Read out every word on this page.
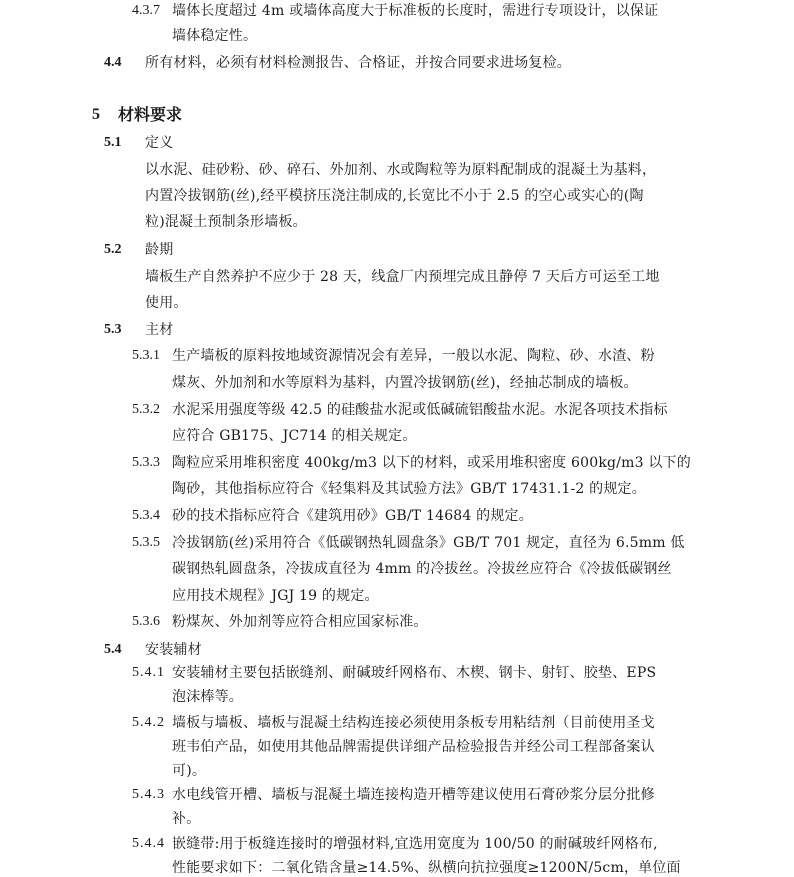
4.3.7 墙体长度超过 4m 或墙体高度大于标准板的长度时，需进行专项设计，以保证
墙体稳定性。
4.4 所有材料，必须有材料检测报告、合格证，并按合同要求进场复检。
5 材料要求
5.1 定义
以水泥、硅砂粉、砂、碎石、外加剂、水或陶粒等为原料配制成的混凝土为基料，
内置冷拔钢筋(丝),经平模挤压浇注制成的,长宽比不小于 2.5 的空心或实心的(陶
粒)混凝土预制条形墙板。
5.2 龄期
墙板生产自然养护不应少于 28 天，线盒厂内预埋完成且静停 7 天后方可运至工地
使用。
5.3 主材
5.3.1 生产墙板的原料按地域资源情况会有差异，一般以水泥、陶粒、砂、水渣、粉
煤灰、外加剂和水等原料为基料，内置冷拔钢筋(丝)，经抽芯制成的墙板。
5.3.2 水泥采用强度等级 42.5 的硅酸盐水泥或低碱硫铝酸盐水泥。水泥各项技术指标
应符合 GB175、JC714 的相关规定。
5.3.3 陶粒应采用堆积密度 400kg/m3 以下的材料，或采用堆积密度 600kg/m3 以下的
陶砂，其他指标应符合《轻集料及其试验方法》GB/T 17431.1-2 的规定。
5.3.4 砂的技术指标应符合《建筑用砂》GB/T 14684 的规定。
5.3.5 冷拔钢筋(丝)采用符合《低碳钢热轧圆盘条》GB/T 701 规定，直径为 6.5mm 低
碳钢热轧圆盘条，冷拔成直径为 4mm 的冷拔丝。冷拔丝应符合《冷拔低碳钢丝
应用技术规程》JGJ 19 的规定。
5.3.6 粉煤灰、外加剂等应符合相应国家标准。
5.4 安装辅材
5.4.1 安装辅材主要包括嵌缝剂、耐碱玻纤网格布、木楔、钢卡、射钉、胶垫、EPS
泡沫棒等。
5.4.2 墙板与墙板、墙板与混凝土结构连接必须使用条板专用粘结剂（目前使用圣戈
班韦伯产品，如使用其他品牌需提供详细产品检验报告并经公司工程部备案认
可)。
5.4.3 水电线管开槽、墙板与混凝土墙连接构造开槽等建议使用石膏砂浆分层分批修
补。
5.4.4 嵌缝带:用于板缝连接时的增强材料,宜选用宽度为 100/50 的耐碱玻纤网格布,
性能要求如下：二氧化锆含量≥14.5%、纵横向抗拉强度≥1200N/5cm，单位面
